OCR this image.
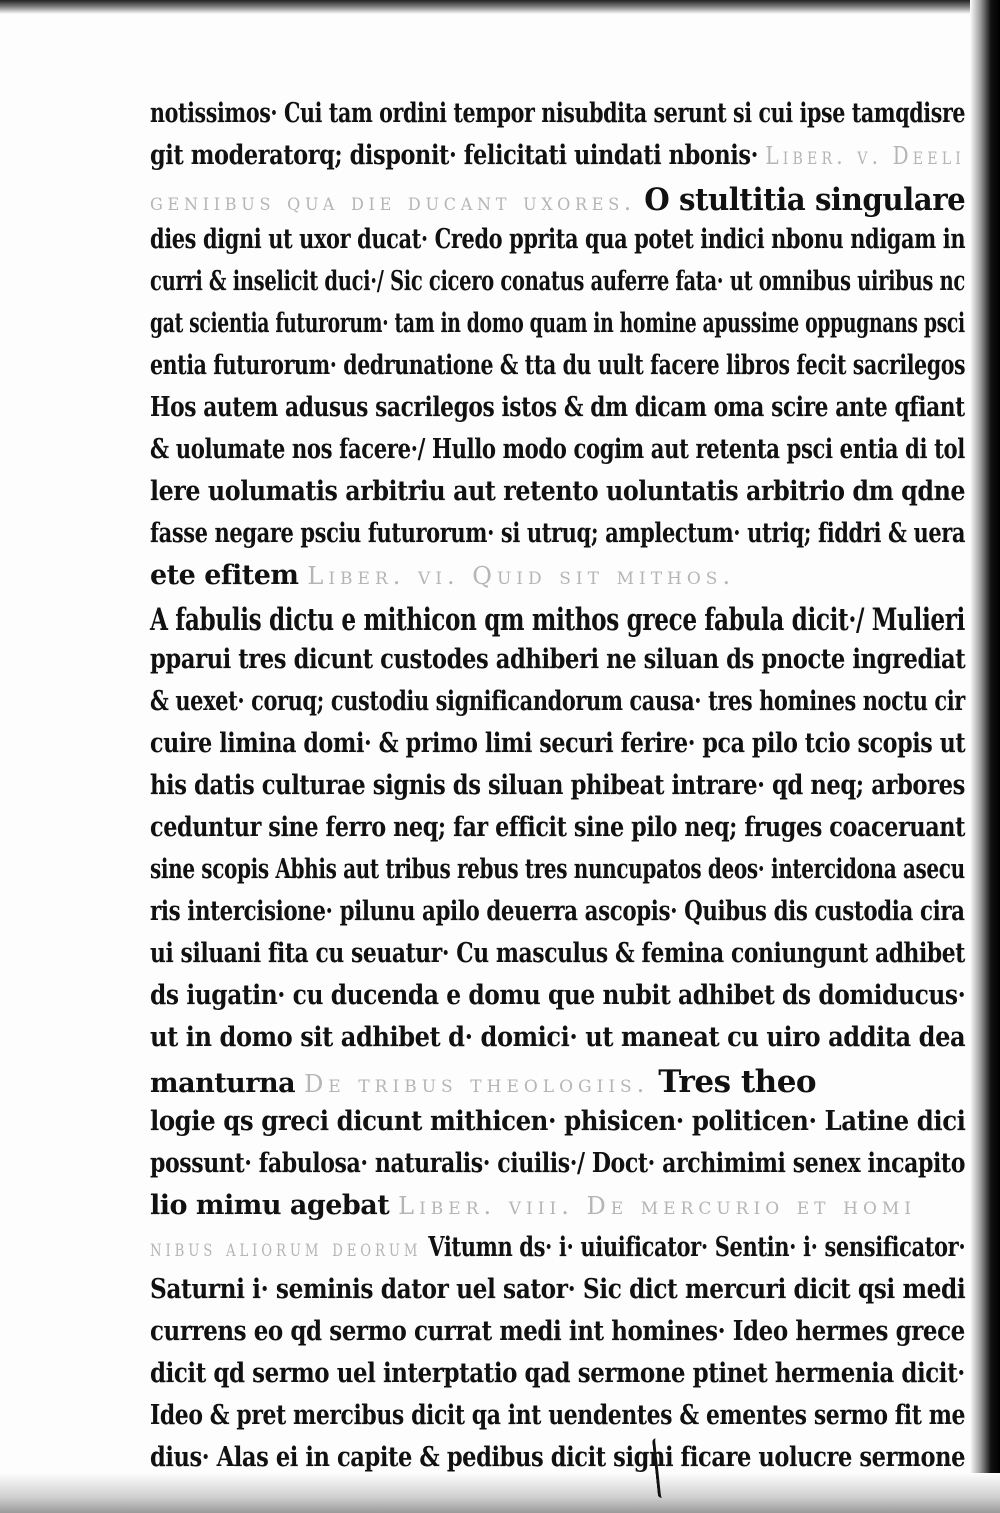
notissimos· Cui tam ordini tempor nisubdita serunt si cui ipse tamqdisre
git moderatorq; disponit· felicitati uindati nbonis· Liber. v. Deeli
geniibus qua die ducant uxores. O stultitia singulare
dies digni ut uxor ducat· Credo pprita qua potet indici nbonu ndigam in
curri & inselicit duci·/ Sic cicero conatus auferre fata· ut omnibus uiribus nc
gat scientia futurorum· tam in domo quam in homine apussime oppugnans psci
entia futurorum· dedrunatione & tta du uult facere libros fecit sacrilegos
Hos autem adusus sacrilegos istos & dm dicam oma scire ante qfiant
& uolumate nos facere·/ Hullo modo cogim aut retenta psci entia di tol
lere uolumatis arbitriu aut retento uoluntatis arbitrio dm qdne
fasse negare psciu futurorum· si utruq; amplectum· utriq; fiddri & uera
ete efitem Liber. vi. Quid sit mithos.
A fabulis dictu e mithicon qm mithos grece fabula dicit·/ Mulieri
pparui tres dicunt custodes adhiberi ne siluan ds pnocte ingrediat
& uexet· coruq; custodiu significandorum causa· tres homines noctu cir
cuire limina domi· & primo limi securi ferire· pca pilo tcio scopis ut
his datis culturae signis ds siluan phibeat intrare· qd neq; arbores
ceduntur sine ferro neq; far efficit sine pilo neq; fruges coaceruant
sine scopis Abhis aut tribus rebus tres nuncupatos deos· intercidona asecu
ris intercisione· pilunu apilo deuerra ascopis· Quibus dis custodia cira
ui siluani fita cu seuatur· Cu masculus & femina coniungunt adhibet
ds iugatin· cu ducenda e domu que nubit adhibet ds domiducus·
ut in domo sit adhibet d· domici· ut maneat cu uiro addita dea
manturna De tribus theologiis. Tres theo
logie qs greci dicunt mithicen· phisicen· politicen· Latine dici
possunt· fabulosa· naturalis· ciuilis·/ Doct· archimimi senex incapito
lio mimu agebat Liber. viii. De mercurio et homi
nibus aliorum deorum Vitumn ds· i· uiuificator· Sentin· i· sensificator·
Saturni i· seminis dator uel sator· Sic dict mercuri dicit qsi medi
currens eo qd sermo currat medi int homines· Ideo hermes grece
dicit qd sermo uel interptatio qad sermone ptinet hermenia dicit·
Ideo & pret mercibus dicit qa int uendentes & ementes sermo fit me
dius· Alas ei in capite & pedibus dicit signi ficare uolucre sermone
